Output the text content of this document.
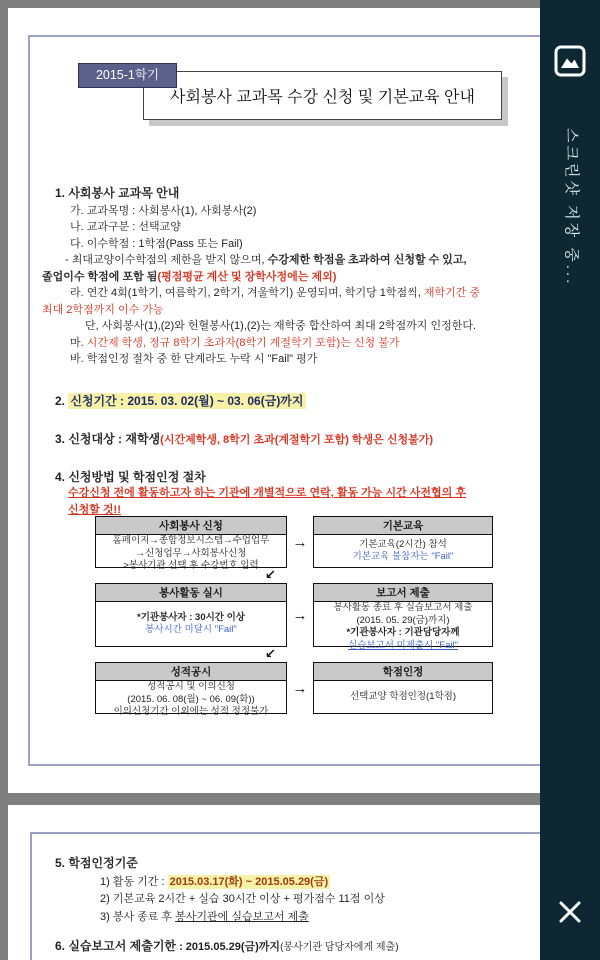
2015-1학기
사회봉사 교과목 수강 신청 및 기본교육 안내
1. 사회봉사 교과목 안내
가. 교과목명 : 사회봉사(1), 사회봉사(2)
나. 교과구분 : 선택교양
다. 이수학점 : 1학점(Pass 또는 Fail)
- 최대교양이수학점의 제한을 받지 않으며, 수강제한 학점을 초과하여 신청할 수 있고,
졸업이수 학점에 포함 됨(평점평균 계산 및 장학사정에는 제외)
라. 연간 4회(1학기, 여름학기, 2학기, 겨울학기) 운영되며, 학기당 1학점씩, 재학기간 중
최대 2학점까지 이수 가능
단, 사회봉사(1),(2)와 헌혈봉사(1),(2)는 재학중 합산하여 최대 2학점까지 인정한다.
마. 시간제 학생, 정규 8학기 초과자(8학기 계절학기 포함)는 신청 불가
바. 학점인정 절차 중 한 단계라도 누락 시 "Fail" 평가
2. 신청기간 : 2015. 03. 02(월) ~ 03. 06(금)까지
3. 신청대상 : 재학생(시간제학생, 8학기 초과(계절학기 포함) 학생은 신청불가)
4. 신청방법 및 학점인정 절차
수강신청 전에 활동하고자 하는 기관에 개별적으로 연락, 활동 가능 시간 사전협의 후
신청할 것!!
사회봉사 신청
홈페이지→종합정보시스템→수업업무
→신청업무→사회봉사신청
>봉사기관 선택 후 수강번호 입력
→
기본교육
기본교육(2시간) 참석
기본교육 불참자는 "Fail"
↙
봉사활동 실시
*기관봉사자 : 30시간 이상
봉사시간 미달시 "Fail"
→
보고서 제출
봉사활동 종료 후 실습보고서 제출
(2015. 05. 29(금)까지)
*기관봉사자 : 기관담당자께
실습보고서 미제출시 "Fail"
↙
성적공시
성적공시 및 이의신청
(2015. 06. 08(월) ~ 06. 09(화))
이의신청기간 이외에는 성적 정정불가
→
학점인정
선택교양 학점인정(1학점)
5. 학점인정기준
1) 활동 기간 : 2015.03.17(화) ~ 2015.05.29(금)
2) 기본교육 2시간 + 실습 30시간 이상 + 평가점수 11점 이상
3) 봉사 종료 후 봉사기관에 실습보고서 제출
6. 실습보고서 제출기한 : 2015.05.29(금)까지(봉사기관 담당자에게 제출)
스크린샷 저장 중...
